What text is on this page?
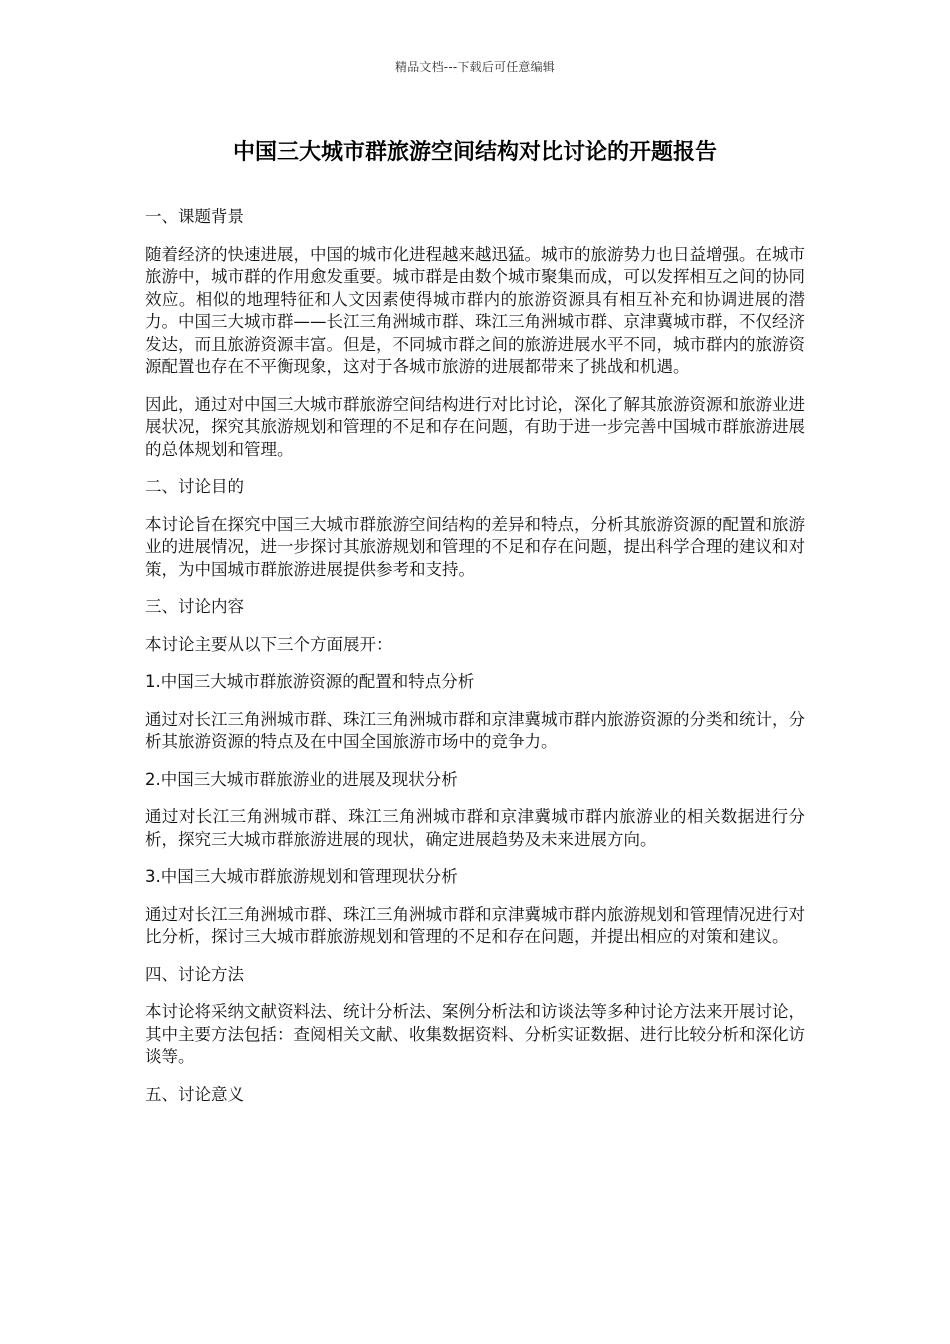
精品文档---下载后可任意编辑
中国三大城市群旅游空间结构对比讨论的开题报告

一、课题背景

随着经济的快速进展，中国的城市化进程越来越迅猛。城市的旅游势力也日益增强。在城市旅游中，城市群的作用愈发重要。城市群是由数个城市聚集而成，可以发挥相互之间的协同效应。相似的地理特征和人文因素使得城市群内的旅游资源具有相互补充和协调进展的潜力。中国三大城市群——长江三角洲城市群、珠江三角洲城市群、京津冀城市群，不仅经济发达，而且旅游资源丰富。但是，不同城市群之间的旅游进展水平不同，城市群内的旅游资源配置也存在不平衡现象，这对于各城市旅游的进展都带来了挑战和机遇。

因此，通过对中国三大城市群旅游空间结构进行对比讨论，深化了解其旅游资源和旅游业进展状况，探究其旅游规划和管理的不足和存在问题，有助于进一步完善中国城市群旅游进展的总体规划和管理。

二、讨论目的

本讨论旨在探究中国三大城市群旅游空间结构的差异和特点，分析其旅游资源的配置和旅游业的进展情况，进一步探讨其旅游规划和管理的不足和存在问题，提出科学合理的建议和对策，为中国城市群旅游进展提供参考和支持。

三、讨论内容

本讨论主要从以下三个方面展开：

1.中国三大城市群旅游资源的配置和特点分析

通过对长江三角洲城市群、珠江三角洲城市群和京津冀城市群内旅游资源的分类和统计，分析其旅游资源的特点及在中国全国旅游市场中的竞争力。

2.中国三大城市群旅游业的进展及现状分析

通过对长江三角洲城市群、珠江三角洲城市群和京津冀城市群内旅游业的相关数据进行分析，探究三大城市群旅游进展的现状，确定进展趋势及未来进展方向。

3.中国三大城市群旅游规划和管理现状分析

通过对长江三角洲城市群、珠江三角洲城市群和京津冀城市群内旅游规划和管理情况进行对比分析，探讨三大城市群旅游规划和管理的不足和存在问题，并提出相应的对策和建议。

四、讨论方法

本讨论将采纳文献资料法、统计分析法、案例分析法和访谈法等多种讨论方法来开展讨论，其中主要方法包括：查阅相关文献、收集数据资料、分析实证数据、进行比较分析和深化访谈等。

五、讨论意义
